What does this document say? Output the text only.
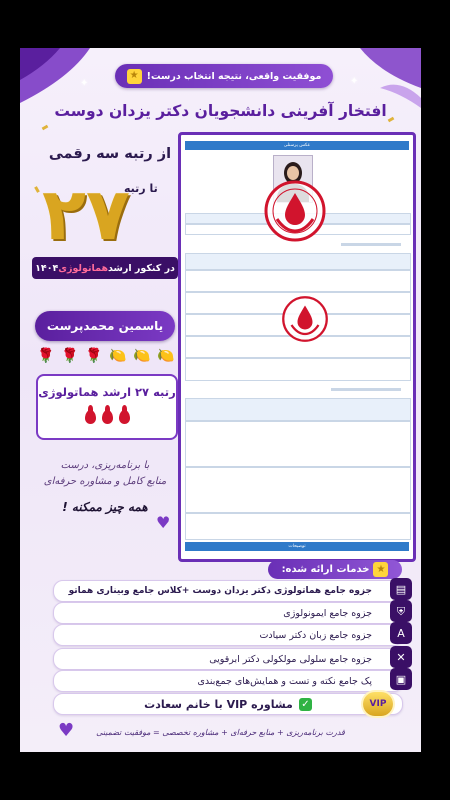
✦	✦
موفقیت واقعی، نتیجه انتخاب درست!
★
افتخار آفرینی دانشجویان دکتر یزدان دوست
عکس پرسنلی
توضیحات
از رتبه سه رقمی
تا رتبه
۲۷
در کنکور ارشد
هماتولوژی
۱۴۰۴
یاسمین محمدپرست
🌹 🌹 🌹 🍋 🍋 🍋
رتبه ۲۷ ارشد هماتولوژی
با برنامه‌ریزی، درست
منابع کامل و مشاوره حرفه‌ای
همه چیز ممکنه !
♥
★
خدمات ارائه شده:
▤
جزوه جامع هماتولوژی دکتر یزدان دوست +کلاس جامع وبیناری هماتو
⛨
جزوه جامع ایمونولوژی
A
جزوه جامع زبان دکتر سیادت
✕
جزوه جامع سلولی مولکولی دکتر ابرقویی
▣
پک جامع نکته و تست و همایش‌های جمع‌بندی
✓
مشاوره VIP با خانم سعادت	VIP
♥	قدرت برنامه‌ریزی + منابع حرفه‌ای + مشاوره تخصصی = موفقیت تضمینی
